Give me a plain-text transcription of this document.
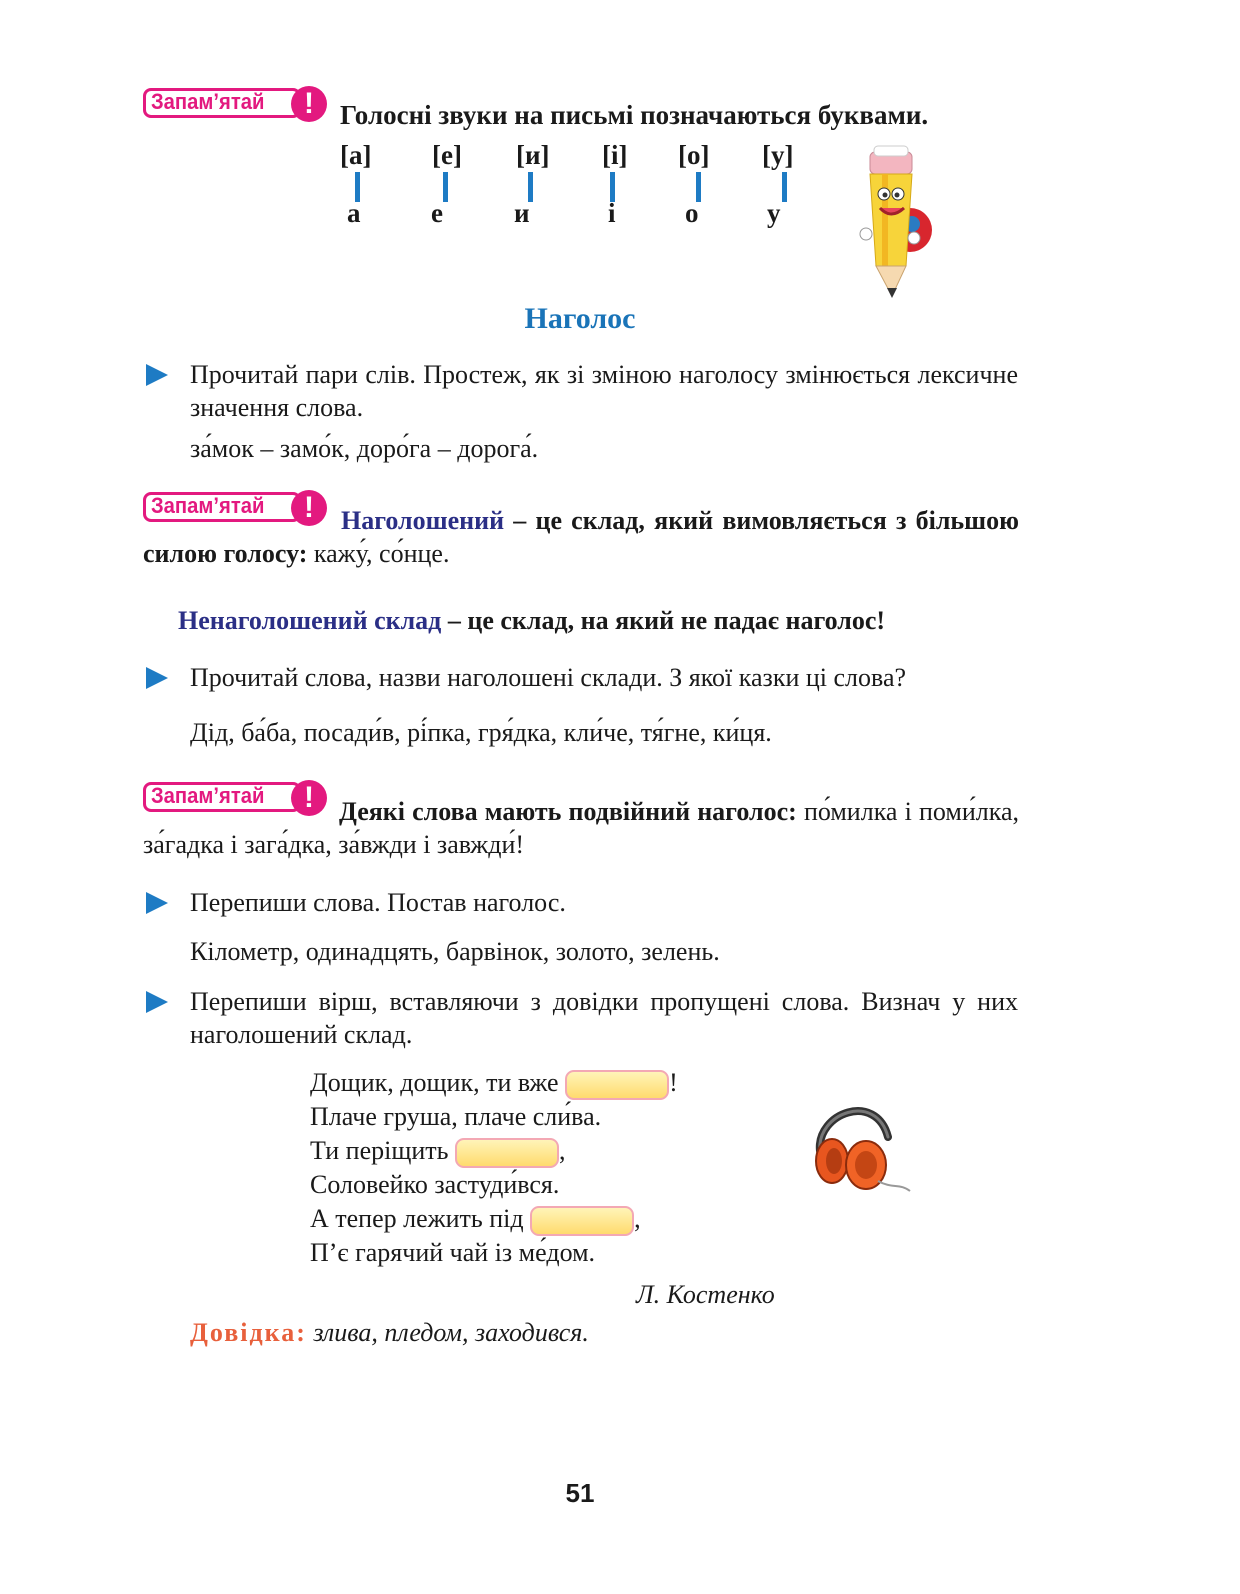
Запам’ятай	! Голосні звуки на письмі позначаються буквами.
[а] [е] [и] [і] [о] [у]
а	е	и	і	о	у
Наголос
Прочитай пари слів. Простеж, як зі зміною наголосу змінюється лексичне значення слова.
за́мок – замо́к, доро́га – дорога́.
Запам’ятай	!	Наголошений – це склад, який вимовляється з більшою силою голосу: кажу́, со́нце.
Ненаголошений склад – це склад, на який не падає наголос!
Прочитай слова, назви наголошені склади. З якої казки ці слова?
Дід, ба́ба, посади́в, рі́пка, гря́дка, кли́че, тя́гне, ки́ця.
Запам’ятай	! Деякі слова мають подвійний наголос: по́милка і поми́лка, за́гадка і зага́дка, за́вжди і завжди́!
Перепиши слова. Постав наголос.
Кілометр, одинадцять, барвінок, золото, зелень.
Перепиши вірш, вставляючи з довідки пропущені слова. Визнач у них наголошений склад.
Дощик, дощик, ти вже	!
Плаче груша, плаче сли́ва.
Ти періщить	,
Соловейко застуди́вся.
А тепер лежить під	,
П’є гарячий чай із ме́дом.
Л. Костенко
Довідка: злива, пледом, заходився.
51
